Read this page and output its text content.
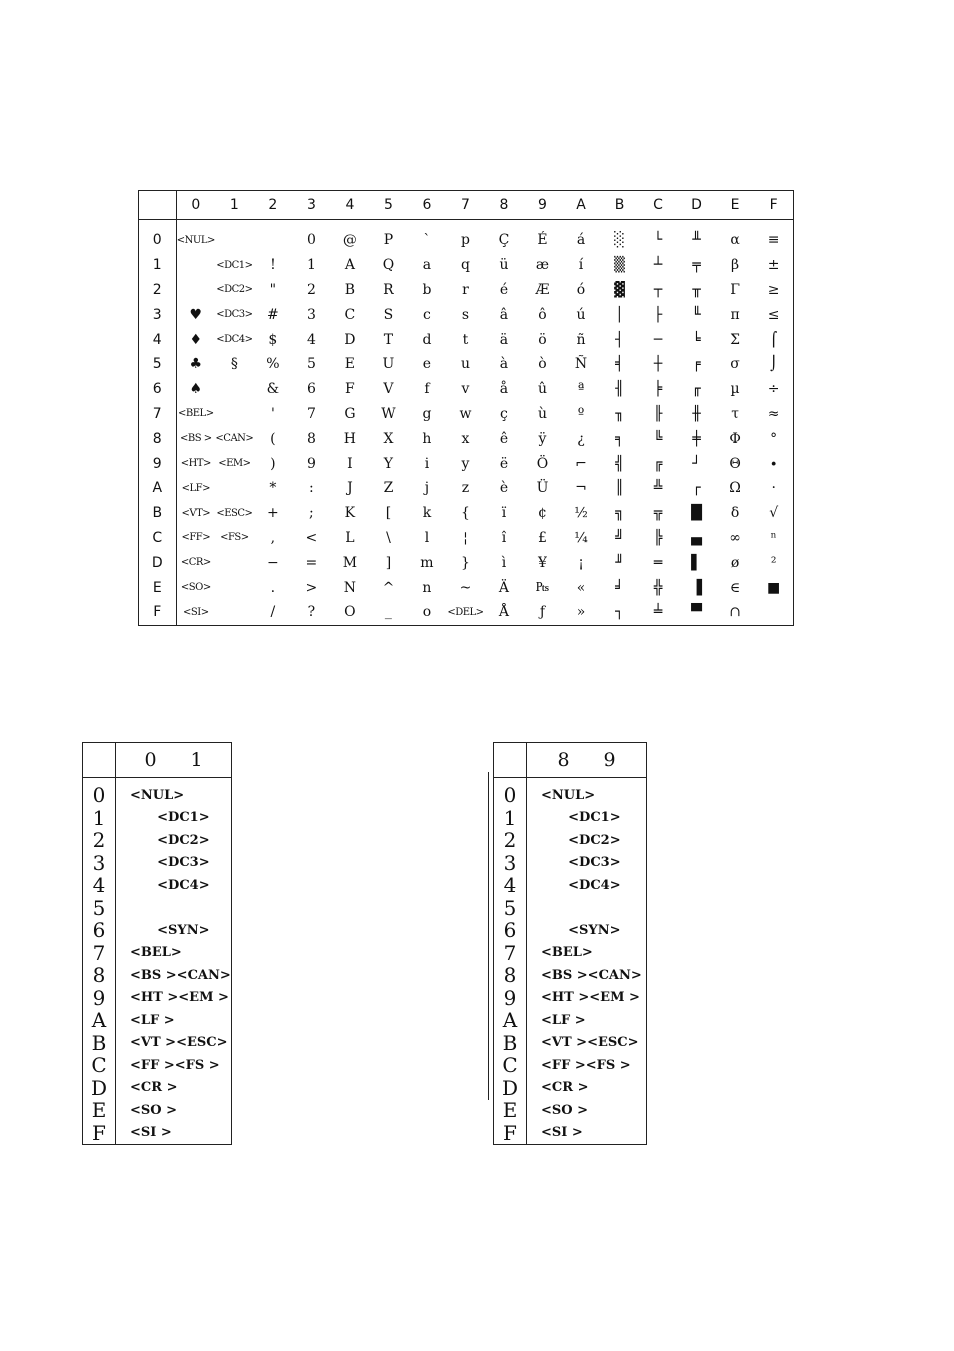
	0	1	2	3	4	5	6	7	8	9	A	B	C	D	E	F
0	<NUL>			0	@	P	`	p	Ç	É	á	░	└	╨	α	≡
1		<DC1>	!	1	A	Q	a	q	ü	æ	í	▒	┴	╤	β	±
2		<DC2>	"	2	B	R	b	r	é	Æ	ó	▓	┬	╥	Γ	≥
3	♥	<DC3>	#	3	C	S	c	s	â	ô	ú	│	├	╙	π	≤
4	♦	<DC4>	$	4	D	T	d	t	ä	ö	ñ	┤	─	╘	Σ	⌠
5	♣	§	%	5	E	U	e	u	à	ò	Ñ	╡	┼	╒	σ	⌡
6	♠		&	6	F	V	f	v	å	û	ª	╢	╞	╓	µ	÷
7	<BEL>		'	7	G	W	g	w	ç	ù	º	╖	╟	╫	τ	≈
8	<BS >	<CAN>	(	8	H	X	h	x	ê	ÿ	¿	╕	╚	╪	Φ	°
9	<HT>	<EM>	)	9	I	Y	i	y	ë	Ö	⌐	╣	╔	┘	Θ	∙
A	<LF>		*	:	J	Z	j	z	è	Ü	¬	║	╩	┌	Ω	·
B	<VT>	<ESC>	+	;	K	[	k	{	ï	¢	½	╗	╦	█	δ	√
C	<FF>	<FS>	,	<	L	\	l	¦	î	£	¼	╝	╠	▄	∞	ⁿ
D	<CR>		−	=	M	]	m	}	ì	¥	¡	╜	═	▌	ø	²
E	<SO>		.	>	N	^	n	~	Ä	₧	«	╛	╬	▐	∈	■
F	<SI>		/	?	O	_	o	<DEL>	Å	ƒ	»	┐	╧	▀	∩	
	0 1
0	<NUL>
1	<DC1>
2	<DC2>
3	<DC3>
4	<DC4>
5	
6	<SYN>
7	<BEL>
8	<BS ><CAN>
9	<HT ><EM >
A	<LF >
B	<VT ><ESC>
C	<FF ><FS >
D	<CR >
E	<SO >
F	<SI >
	8 9
0	<NUL>
1	<DC1>
2	<DC2>
3	<DC3>
4	<DC4>
5	
6	<SYN>
7	<BEL>
8	<BS ><CAN>
9	<HT ><EM >
A	<LF >
B	<VT ><ESC>
C	<FF ><FS >
D	<CR >
E	<SO >
F	<SI >
